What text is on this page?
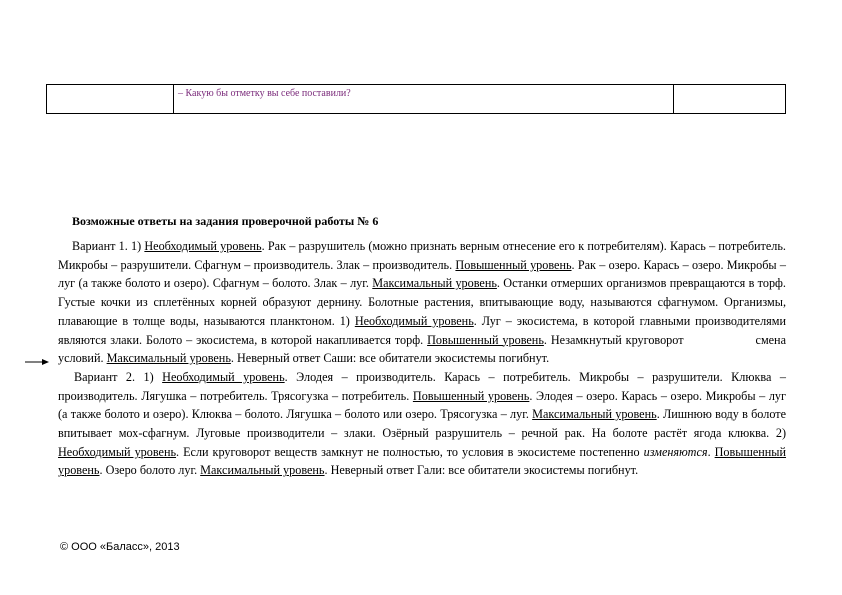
– Какую бы отметку вы себе поставили?
Возможные ответы на задания проверочной работы № 6

Вариант 1. 1) Необходимый уровень. Рак – разрушитель (можно признать верным отнесение его к потребителям). Карась – потребитель. Микробы – разрушители. Сфагнум – производитель. Злак – производитель. Повышенный уровень. Рак – озеро. Карась – озеро. Микробы – луг (а также болото и озеро). Сфагнум – болото. Злак – луг. Максимальный уровень. Останки отмерших организмов превращаются в торф. Густые кочки из сплетённых корней образуют дернину. Болотные растения, впитывающие воду, называются сфагнумом. Организмы, плавающие в толще воды, называются планктоном. 1) Необходимый уровень. Луг – экосистема, в которой главными производителями являются злаки. Болото – экосистема, в которой накапливается торф. Повышенный уровень. Незамкнутый круговорот	смена условий. Максимальный уровень. Неверный ответ Саши: все обитатели экосистемы погибнут.

Вариант 2. 1) Необходимый уровень. Элодея – производитель. Карась – потребитель. Микробы – разрушители. Клюква – производитель. Лягушка – потребитель. Трясогузка – потребитель. Повышенный уровень. Элодея – озеро. Карась – озеро. Микробы – луг (а также болото и озеро). Клюква – болото. Лягушка – болото или озеро. Трясогузка – луг. Максимальный уровень. Лишнюю воду в болоте впитывает мох-сфагнум. Луговые производители – злаки. Озёрный разрушитель – речной рак. На болоте растёт ягода клюква. 2) Необходимый уровень. Если круговорот веществ замкнут не полностью, то условия в экосистеме постепенно изменяются. Повышенный уровень. Озеро болото луг. Максимальный уровень. Неверный ответ Гали: все обитатели экосистемы погибнут.

© ООО «Баласс», 2013
